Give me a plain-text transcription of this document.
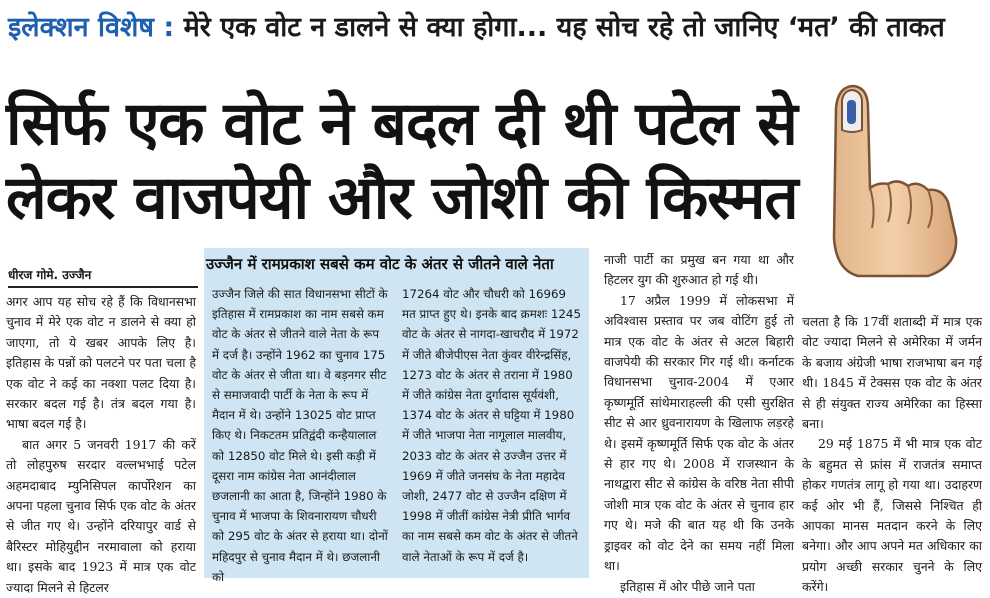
इलेक्शन विशेष : मेरे एक वोट न डालने से क्या होगा... यह सोच रहे तो जानिए ‘मत’ की ताकत
सिर्फ एक वोट ने बदल दी थी पटेल से
लेकर वाजपेयी और जोशी की किस्मत
धीरज गोमे. उज्जैन

अगर आप यह सोच रहे हैं कि विधानसभा चुनाव में मेरे एक वोट न डालने से क्या हो जाएगा, तो ये खबर आपके लिए है। इतिहास के पन्नों को पलटने पर पता चला है एक वोट ने कई का नक्शा पलट दिया है। सरकार बदल गई है। तंत्र बदल गया है। भाषा बदल गई है।

बात अगर 5 जनवरी 1917 की करें तो लोहपुरुष सरदार वल्लभभाई पटेल अहमदाबाद म्युनिसिपल कार्पोरेशन का अपना पहला चुनाव सिर्फ एक वोट के अंतर से जीत गए थे। उन्होंने दरियापुर वार्ड से बैरिस्टर मोहियुद्दीन नरमावाला को हराया था। इसके बाद 1923 में मात्र एक वोट ज्यादा मिलने से हिटलर

उज्जैन में रामप्रकाश सबसे कम वोट के अंतर से जीतने वाले नेता

उज्जैन जिले की सात विधानसभा सीटों के इतिहास में रामप्रकाश का नाम सबसे कम वोट के अंतर से जीतने वाले नेता के रूप में दर्ज है। उन्होंने 1962 का चुनाव 175 वोट के अंतर से जीता था। वे बड़नगर सीट से समाजवादी पार्टी के नेता के रूप में मैदान में थे। उन्होंने 13025 वोट प्राप्त किए थे। निकटतम प्रतिद्वंदी कन्हैयालाल को 12850 वोट मिले थे। इसी कड़ी में दूसरा नाम कांग्रेस नेता आनंदीलाल छजलानी का आता है, जिन्होंने 1980 के चुनाव में भाजपा के शिवनारायण चौधरी को 295 वोट के अंतर से हराया था। दोनों महिदपुर से चुनाव मैदान में थे। छजलानी को

17264 वोट और चौधरी को 16969 मत प्राप्त हुए थे। इनके बाद क्रमशः 1245 वोट के अंतर से नागदा-खाचरौद में 1972 में जीते बीजेपीएस नेता कुंवर वीरेन्द्रसिंह, 1273 वोट के अंतर से तराना में 1980 में जीते कांग्रेस नेता दुर्गादास सूर्यवंशी, 1374 वोट के अंतर से घट्टिया में 1980 में जीते भाजपा नेता नागूलाल मालवीय, 2033 वोट के अंतर से उज्जैन उत्तर में 1969 में जीते जनसंघ के नेता महादेव जोशी, 2477 वोट से उज्जैन दक्षिण में 1998 में जीतीं कांग्रेस नेत्री प्रीति भार्गव का नाम सबसे कम वोट के अंतर से जीतने वाले नेताओं के रूप में दर्ज है।

नाजी पार्टी का प्रमुख बन गया था और हिटलर युग की शुरुआत हो गई थी।

17 अप्रैल 1999 में लोकसभा में अविश्वास प्रस्ताव पर जब वोटिंग हुई तो मात्र एक वोट के अंतर से अटल बिहारी वाजपेयी की सरकार गिर गई थी। कर्नाटक विधानसभा चुनाव-2004 में एआर कृष्णमूर्ति सांथेमाराहल्ली की एसी सुरक्षित सीट से आर ध्रुवनारायण के खिलाफ लड़रहे थे। इसमें कृष्णमूर्ति सिर्फ एक वोट के अंतर से हार गए थे। 2008 में राजस्थान के नाथद्वारा सीट से कांग्रेस के वरिष्ठ नेता सीपी जोशी मात्र एक वोट के अंतर से चुनाव हार गए थे। मजे की बात यह थी कि उनके ड्राइवर को वोट देने का समय नहीं मिला था।

इतिहास में ओर पीछे जाने पता

चलता है कि 17वीं शताब्दी में मात्र एक वोट ज्यादा मिलने से अमेरिका में जर्मन के बजाय अंग्रेजी भाषा राजभाषा बन गई थी। 1845 में टेक्सस एक वोट के अंतर से ही संयुक्त राज्य अमेरिका का हिस्सा बना।

29 मई 1875 में भी मात्र एक वोट के बहुमत से फ्रांस में राजतंत्र समाप्त होकर गणतंत्र लागू हो गया था। उदाहरण कई ओर भी हैं, जिससे निश्चित ही आपका मानस मतदान करने के लिए बनेगा। और आप अपने मत अधिकार का प्रयोग अच्छी सरकार चुनने के लिए करेंगे।
